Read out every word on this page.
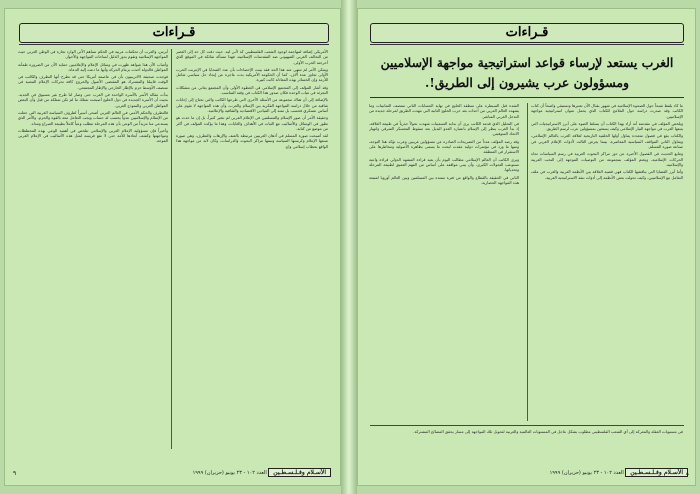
قـراءات

أبرس، والعرب أن تحكمات عربية في الحكم تساهم الآتي الوارد تجارة في الوطن العربي حيث المواجهة الإسلامية وتقوم بدور الدليل لساحات المواجهة والأحواز.

وأصاب الآن هذا شواهد ظهرت في وسائل الإعلام والإعلاميين حماية الآن من الضرورة طمأنة المواطن فالدولة أخذت بزمام الحركة وأنها ما دعت إليه الدعاة.

فوجدت صحيفة لالاتريبيون بأن في عاصمة أمريكا حتى قد تطرح أنها التطرف والكاتب في الوقت قابيلنا والمشترك هو المقتضى الأصول والخروج كافة تحركات الإعلام المعنية في منتصف الأوسط حزم بالإطار الخارجي والإطار المجتمعي.

بدأت مقالة الأسر بالأسرة الواحدة في الغرب حتى وصار لنا طرح غير مسبوق في الجديد. بحيث أن الأسرة الجديدة في دول الخليج أصبحت تمتلك ما لم تكن تمتلكه من قبل وأن البعض المواطن الغربي والنموذج الغربي.

فالتطرف والحكم الأمني في العالم العربي أضحى أسيراً لظروف السياسة الغربية التي جعلت من الإسلام والإسلاميين عدواً يحسب له حساب ويجب التعامل معه بالقوة والحزم، والأمر الذي يستدعي منا مزيداً من الوعي بأن هذه المرحلة تتطلب وعياً كاملاً بطبيعة الصراع ومداه.

وأخيراً فإن مسؤولية الإعلام العربي والإسلامي تتلخص في أهمية الوعي بهذه المخططات ومواجهتها وكشف أبعادها للأمة حتى لا تقع فريسة لمثل هذه الأساليب في الإعلام الغربي الموجه.

الأمريكي إضافة لمهاجمة لوجود الشعب الفلسطيني كذ لأني ليه. حيث دقت كل حد إلى العصر من التحالف الغربي الصهيوني ضد المقدسات الإسلامية، فهذا مسألة شائكة في الموقع الذي أحرجته الحرب الأولى.

ويمكن الأمر لم تنتهي عند هذا الحد فقد بينت الإحصاءات بأن عدد الضحايا في الإنترنت الحرب الأولى تجاوز عدة آلاف، كما أن الحكومة الأمريكية بدت عاجزة عن إيجاد حل سياسي شامل للأزمة وإن الخسائر بهذه المعادلة كانت كبيرة.

وقد أشار المؤلف إلى المجتمع الإسلامي في الخطوة الأولى وأن المجتمع يعاني من مشكلات التجزئة في غياب الوحدة فكان صدور هذا الكتاب في وقته المناسب.

بالإضافة إلى أن هناك مجموعة من الأسئلة الأخرى التي طرحها الكاتب والتي تحتاج إلى إجابات شافية من خلال دراسة المواجهة الفكرية بين الإسلام والغرب، وأن هذه المواجهة لا تقوم على أساس عسكري فحسب بل تمتد إلى الميادين الاقتصادية والثقافية والإعلامية.

وحقيقة الأمر أن صور الإسلام والمسلمين في الإعلام الغربي لم تتغير كثيراً، بل إن ما حدث هو تطور في الوسائل والأساليب مع الثبات في الأهداف والغايات، وهذا ما يؤكده المؤلف في أكثر من موضع من كتابه.

لقد أصبحت صورة المسلم في أذهان الغربيين مرتبطة بالعنف والإرهاب والتطرف، وهي صورة صنعها الإعلام وكرستها السياسة وتبنتها مراكز البحوث والدراسات، وكان لابد من مواجهة هذا الواقع بخطاب إسلامي واع.

الأسـلام وفـلـسـطـين العدد ١٠٢ - ٢٣ يونيو (حزيران) ١٩٩٩
٩
قـراءات
الغرب يستعد لإرساء قواعد استراتيجية مواجهة الإسلاميين ومسؤولون عرب يشيرون إلى الطريق!.

ما كاد يلفظ شبحاً حول الصحوة الإسلامية في شهور بقتال الآن تعتبرها وتستبقي واضحاً أن كتاب الكاتب وقد صدرت دراسة حول الملامح للكتاب الذي يحمل عنوان استراتيجية مواجهة الإسلاميين.

ويلخص المؤلف في مقدمته أنه أراد بهذا الكتاب أن يسلط الضوء على أبرز الاستراتيجيات التي يتبعها الغرب في مواجهة التيار الإسلامي وكيف يستعين بمسؤولين عرب لرسم الطريق.

والكتاب يقع في فصول متعددة يتناول أولها الخلفية التاريخية لعلاقة الغرب بالعالم الإسلامي، ويتناول الثاني المواقف السياسية المعاصرة، بينما يعرض الثالث لأدوات الإعلام الغربي في صناعة صورة المسلم.

وتتابع الحديث في الفصول الأخيرة عن دور مراكز البحوث الغربية في رسم السياسات تجاه الحركات الإسلامية، ويختم المؤلف بمجموعة من التوصيات الموجهة إلى النخب العربية والإسلامية.

وأما أبرز القضايا التي يناقشها الكتاب فهي قضية العلاقة بين الأنظمة العربية والغرب في ملف التعامل مع الإسلاميين، وكيف تحولت بعض الأنظمة إلى أدوات تنفذ الاستراتيجية الغربية.

الشدة قبل السيطرة على منطقة الخليج في نهاية الحسابات الثاني منتصف الثمانينات وما يشهده العالم العربي من أحداث بعد حرب الخليج الثانية التي مهدت الطريق لمرحلة جديدة من التدخل الغربي المباشر.

في التحليل الذي قدمه الكاتب يرى أن بداية التسعينات شهدت تحولاً جذرياً في طبيعة العلاقة، إذ بدأ الغرب ينظر إلى الإسلام باعتباره العدو البديل بعد سقوط المعسكر الشرقي وانهيار الاتحاد السوفيتي.

وقد رصد المؤلف عدداً من التصريحات الصادرة عن مسؤولين غربيين وعرب تؤكد هذا التوجه، ومنها ما ورد في مؤتمرات دولية عقدت لبحث ما يسمى بظاهرة الأصولية ومخاطرها على الاستقرار في المنطقة.

ويرى الكاتب أن العالم الإسلامي مطالب اليوم بأن يعيد قراءة المشهد الدولي قراءة واعية تستوعب التحولات الكبرى، وأن يبني مواقفه على أساس من الفهم العميق لطبيعة المرحلة وتحدياتها.

الثاني في الحقيقة بالقطاع والواقع من فترة ممتدة بين المسلمين وبين العالم أوروبا لمتبعة هذه المواجهة الحضارية.

في مستويات العقلة والمعركة إلى أي الشعب الفلسطيني مطلوب بشكل عاجل في المستويات العالمية والعربية لتحويل تلك المواجهة إلى مسار يحقق المصالح المشتركة.

الأسـلام وفـلـسـطـين العدد ١٠٢ - ٢٣ يونيو (حزيران) ١٩٩٩	٨
